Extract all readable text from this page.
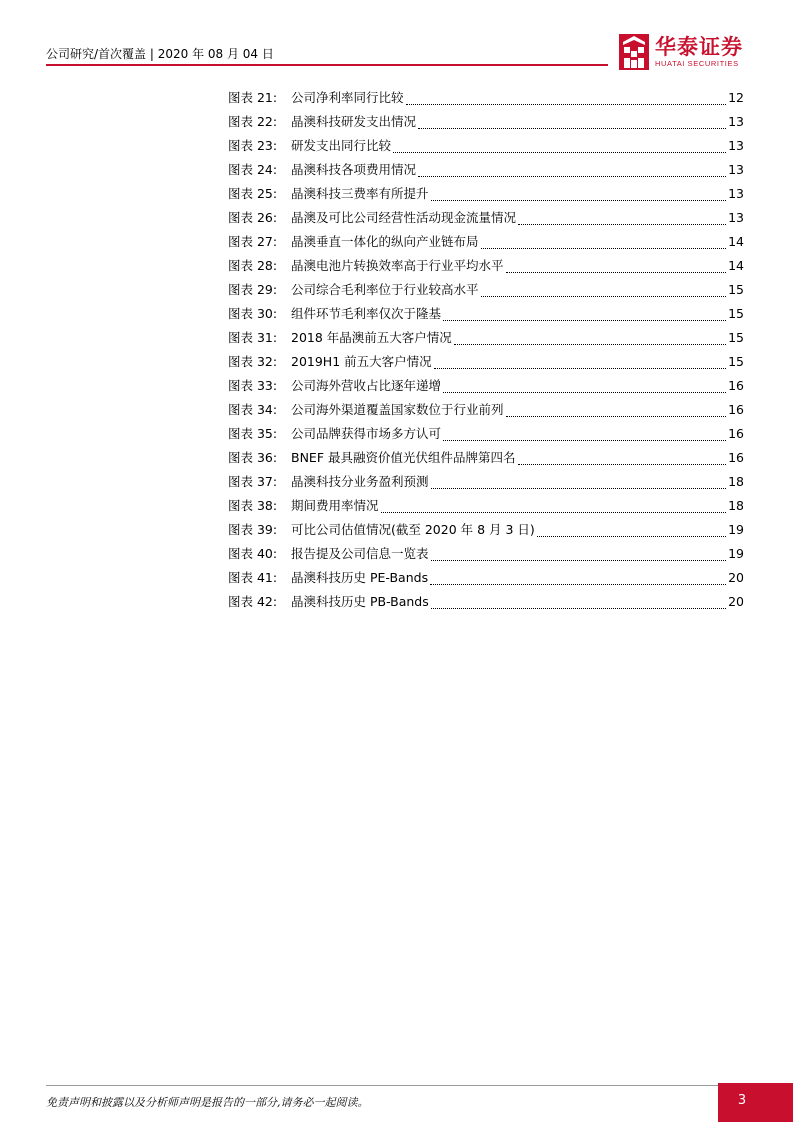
公司研究/首次覆盖 | 2020 年 08 月 04 日	华泰证券
HUATAI SECURITIES
图表 21:	公司净利率同行比较	12
图表 22:	晶澳科技研发支出情况	13
图表 23:	研发支出同行比较	13
图表 24:	晶澳科技各项费用情况	13
图表 25:	晶澳科技三费率有所提升	13
图表 26:	晶澳及可比公司经营性活动现金流量情况	13
图表 27:	晶澳垂直一体化的纵向产业链布局	14
图表 28:	晶澳电池片转换效率高于行业平均水平	14
图表 29:	公司综合毛利率位于行业较高水平	15
图表 30:	组件环节毛利率仅次于隆基	15
图表 31:	2018 年晶澳前五大客户情况	15
图表 32:	2019H1 前五大客户情况	15
图表 33:	公司海外营收占比逐年递增	16
图表 34:	公司海外渠道覆盖国家数位于行业前列	16
图表 35:	公司品牌获得市场多方认可	16
图表 36:	BNEF 最具融资价值光伏组件品牌第四名	16
图表 37:	晶澳科技分业务盈利预测	18
图表 38:	期间费用率情况	18
图表 39:	可比公司估值情况(截至 2020 年 8 月 3 日)	19
图表 40:	报告提及公司信息一览表	19
图表 41:	晶澳科技历史 PE-Bands	20
图表 42:	晶澳科技历史 PB-Bands	20
免责声明和披露以及分析师声明是报告的一部分,请务必一起阅读。	3
